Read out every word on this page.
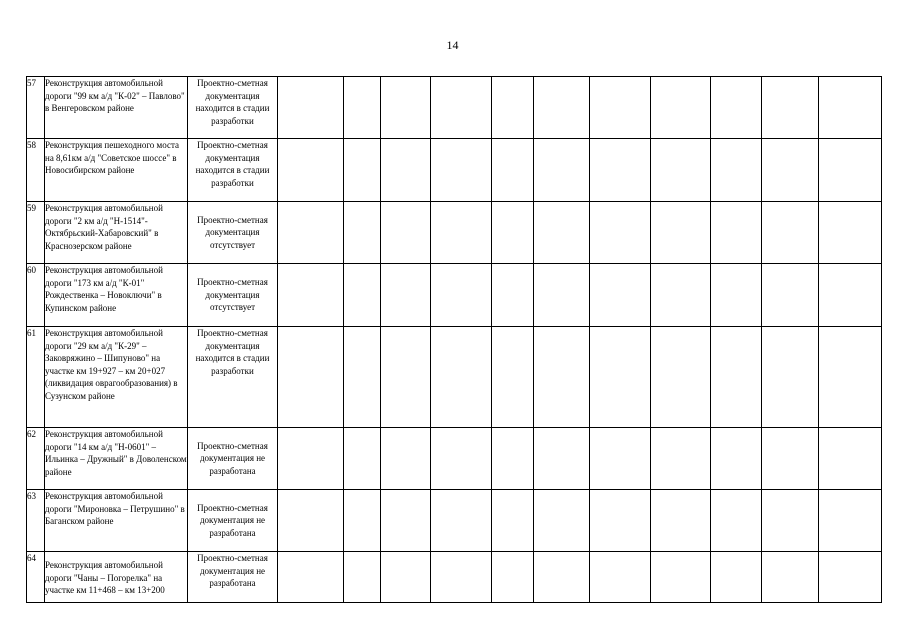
14
57	Реконструкция автомобильной дороги "99 км а/д "К-02" – Павлово" в Венгеровском районе	Проектно-сметная документация находится в стадии разработки											
58	Реконструкция пешеходного моста на 8,61км а/д "Советское шоссе" в Новосибирском районе	Проектно-сметная документация находится в стадии разработки											
59	Реконструкция автомобильной дороги "2 км а/д "Н-1514"-Октябрьский-Хабаровский" в Краснозерском районе	Проектно-сметная документация отсутствует											
60	Реконструкция автомобильной дороги "173 км а/д "К-01" Рождественка – Новоключи" в Купинском районе	Проектно-сметная документация отсутствует											
61	Реконструкция автомобильной дороги "29 км а/д "К-29" – Заковряжино – Шипуново" на участке км 19+927 – км 20+027 (ликвидация оврагообразования) в Сузунском районе	Проектно-сметная документация находится в стадии разработки											
62	Реконструкция автомобильной дороги "14 км а/д "Н-0601" – Ильинка – Дружный" в Доволенском районе	Проектно-сметная документация не разработана											
63	Реконструкция автомобильной дороги "Мироновка – Петрушино" в Баганском районе	Проектно-сметная документация не разработана											
64	Реконструкция автомобильной дороги "Чаны – Погорелка" на участке км 11+468 – км 13+200	Проектно-сметная документация не разработана											
